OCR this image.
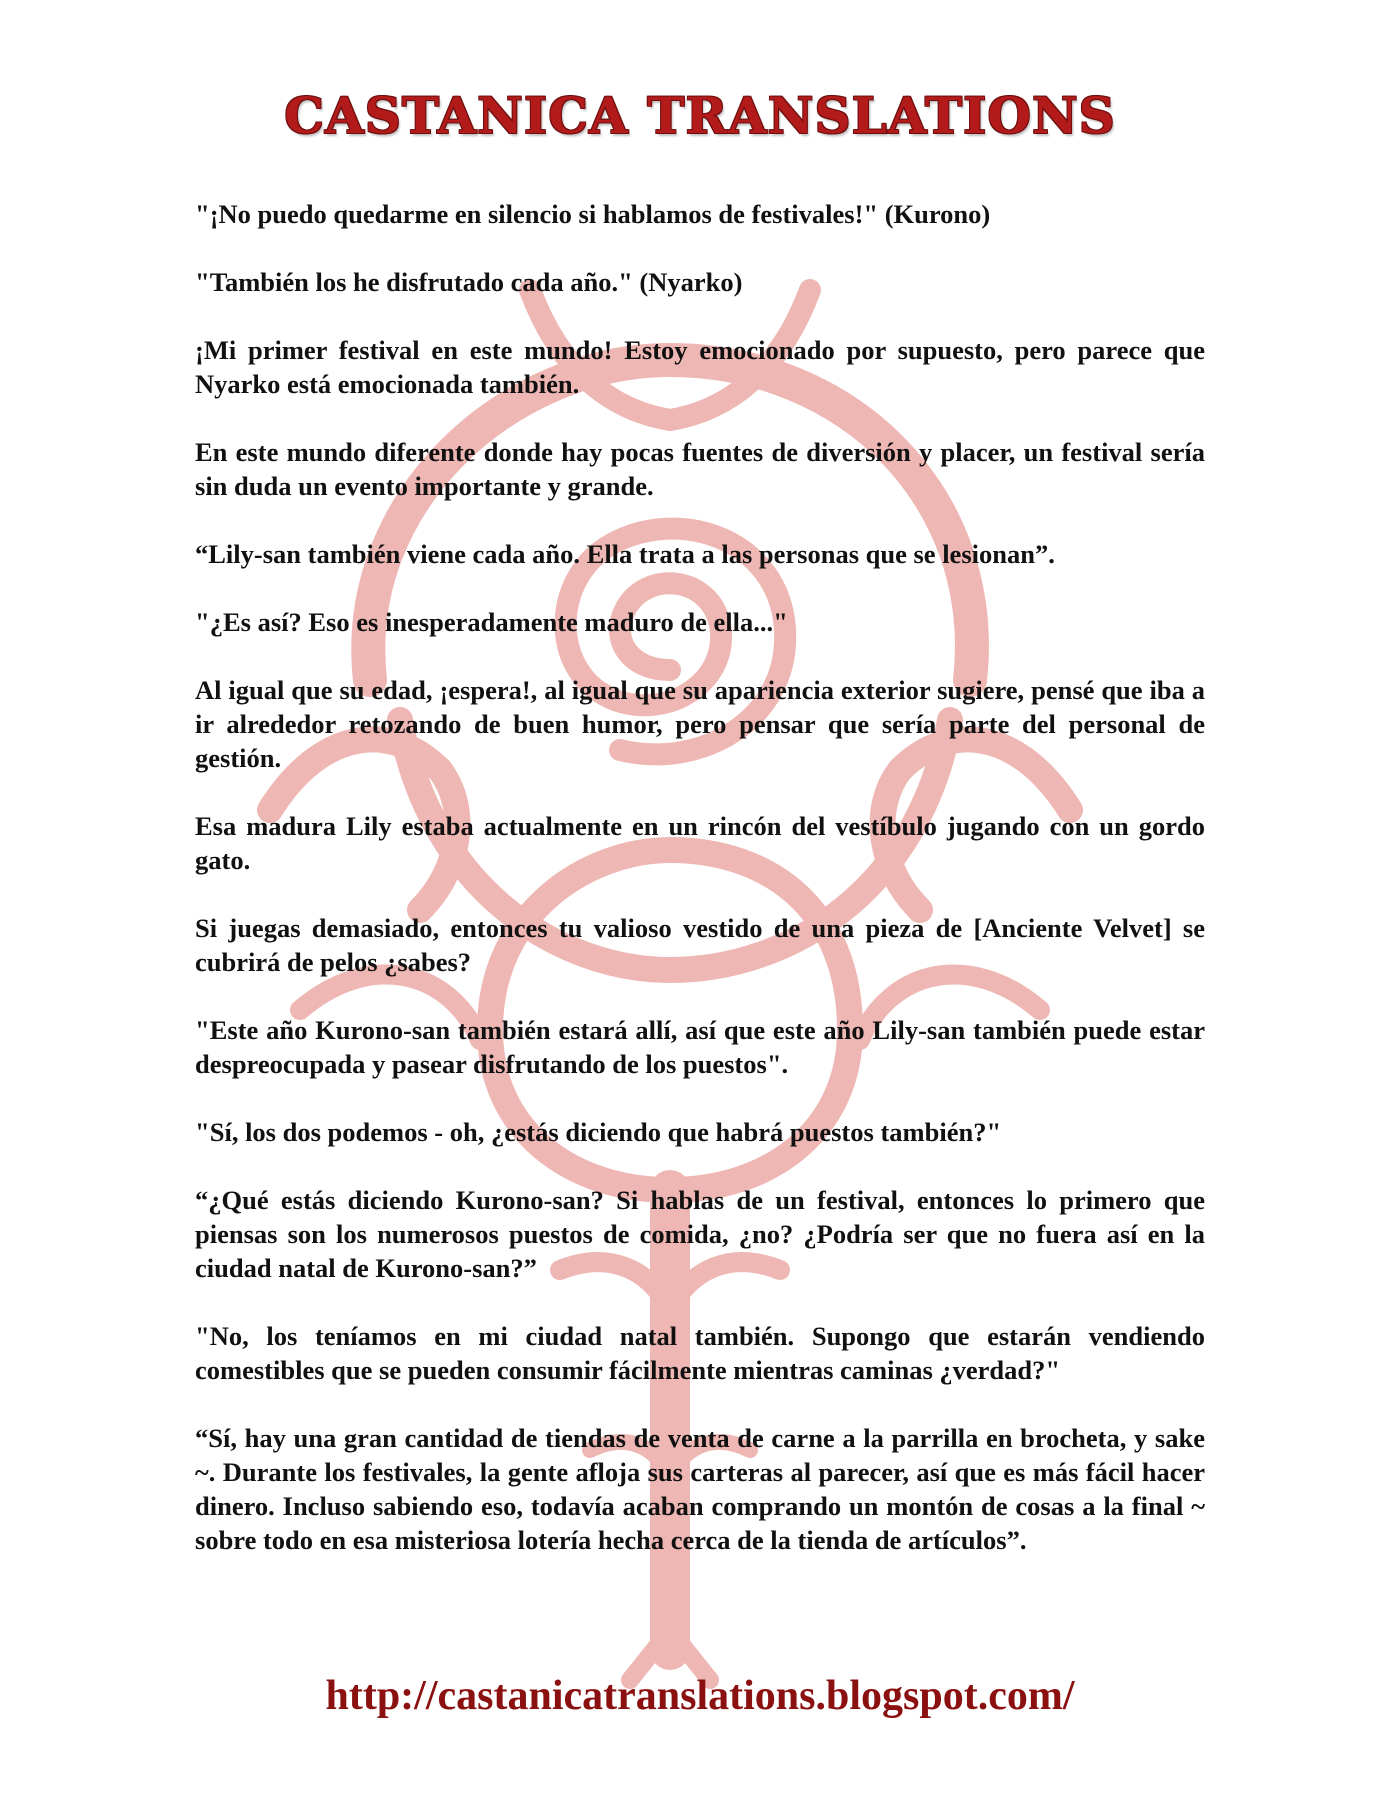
CASTANICA TRANSLATIONS

"¡No puedo quedarme en silencio si hablamos de festivales!" (Kurono)

"También los he disfrutado cada año." (Nyarko)

¡Mi primer festival en este mundo! Estoy emocionado por supuesto, pero parece que Nyarko está emocionada también.

En este mundo diferente donde hay pocas fuentes de diversión y placer, un festival sería sin duda un evento importante y grande.

“Lily-san también viene cada año. Ella trata a las personas que se lesionan”.

"¿Es así? Eso es inesperadamente maduro de ella..."

Al igual que su edad, ¡espera!, al igual que su apariencia exterior sugiere, pensé que iba a ir alrededor retozando de buen humor, pero pensar que sería parte del personal de gestión.

Esa madura Lily estaba actualmente en un rincón del vestíbulo jugando con un gordo gato.

Si juegas demasiado, entonces tu valioso vestido de una pieza de [Anciente Velvet] se cubrirá de pelos ¿sabes?

"Este año Kurono-san también estará allí, así que este año Lily-san también puede estar despreocupada y pasear disfrutando de los puestos".

"Sí, los dos podemos - oh, ¿estás diciendo que habrá puestos también?"

“¿Qué estás diciendo Kurono-san? Si hablas de un festival, entonces lo primero que piensas son los numerosos puestos de comida, ¿no? ¿Podría ser que no fuera así en la ciudad natal de Kurono-san?”

"No, los teníamos en mi ciudad natal también. Supongo que estarán vendiendo comestibles que se pueden consumir fácilmente mientras caminas ¿verdad?"

“Sí, hay una gran cantidad de tiendas de venta de carne a la parrilla en brocheta, y sake ~. Durante los festivales, la gente afloja sus carteras al parecer, así que es más fácil hacer dinero. Incluso sabiendo eso, todavía acaban comprando un montón de cosas a la final ~ sobre todo en esa misteriosa lotería hecha cerca de la tienda de artículos”.

http://castanicatranslations.blogspot.com/
